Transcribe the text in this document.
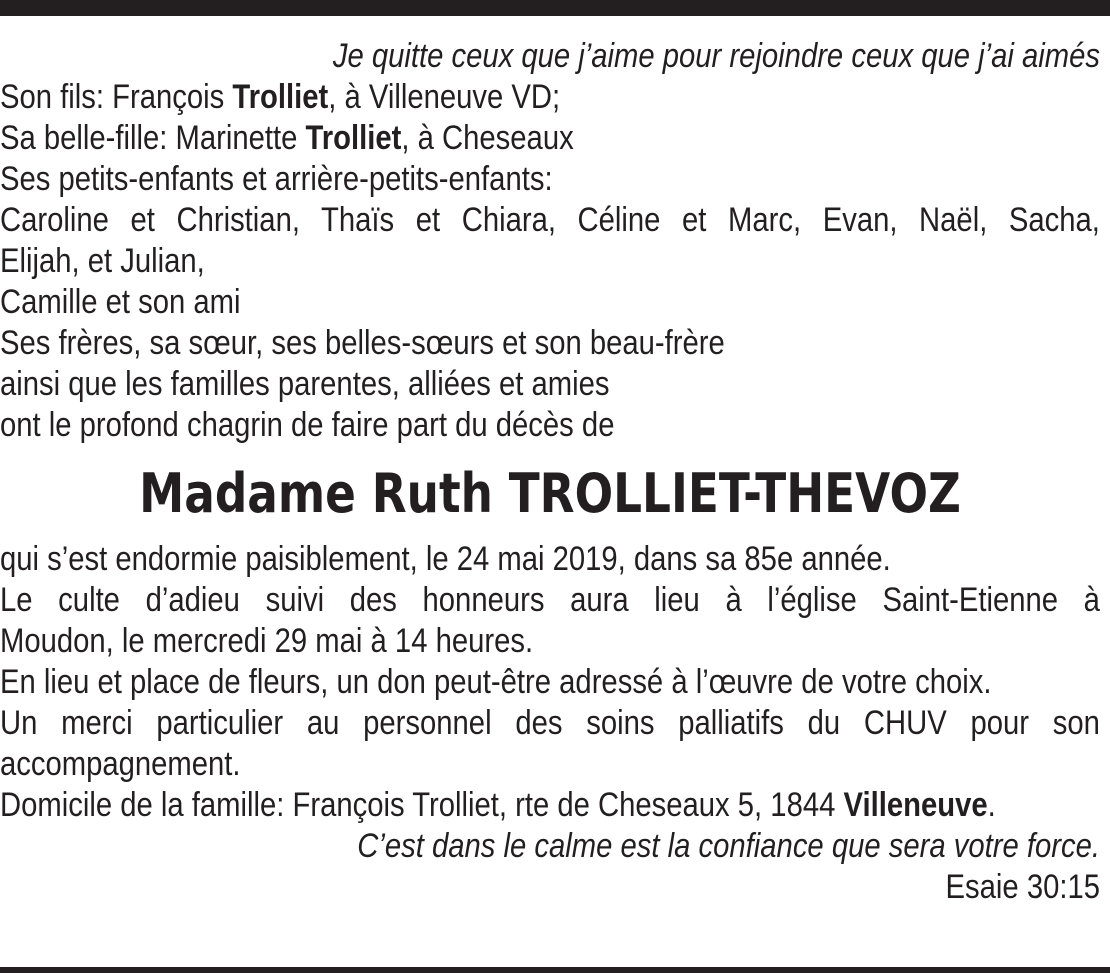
Je quitte ceux que j’aime pour rejoindre ceux que j’ai aimés
Son fils: François Trolliet, à Villeneuve VD;
Sa belle-fille: Marinette Trolliet, à Cheseaux
Ses petits-enfants et arrière-petits-enfants:
Caroline et Christian, Thaïs et Chiara, Céline et Marc, Evan, Naël, Sacha,
Elijah, et Julian,
Camille et son ami
Ses frères, sa sœur, ses belles-sœurs et son beau-frère
ainsi que les familles parentes, alliées et amies
ont le profond chagrin de faire part du décès de
Madame Ruth TROLLIET-THEVOZ
qui s’est endormie paisiblement, le 24 mai 2019, dans sa 85e année.
Le culte d’adieu suivi des honneurs aura lieu à l’église Saint-Etienne à
Moudon, le mercredi 29 mai à 14 heures.
En lieu et place de fleurs, un don peut-être adressé à l’œuvre de votre choix.
Un merci particulier au personnel des soins palliatifs du CHUV pour son
accompagnement.
Domicile de la famille: François Trolliet, rte de Cheseaux 5, 1844 Villeneuve.
C’est dans le calme est la confiance que sera votre force.
Esaie 30:15
